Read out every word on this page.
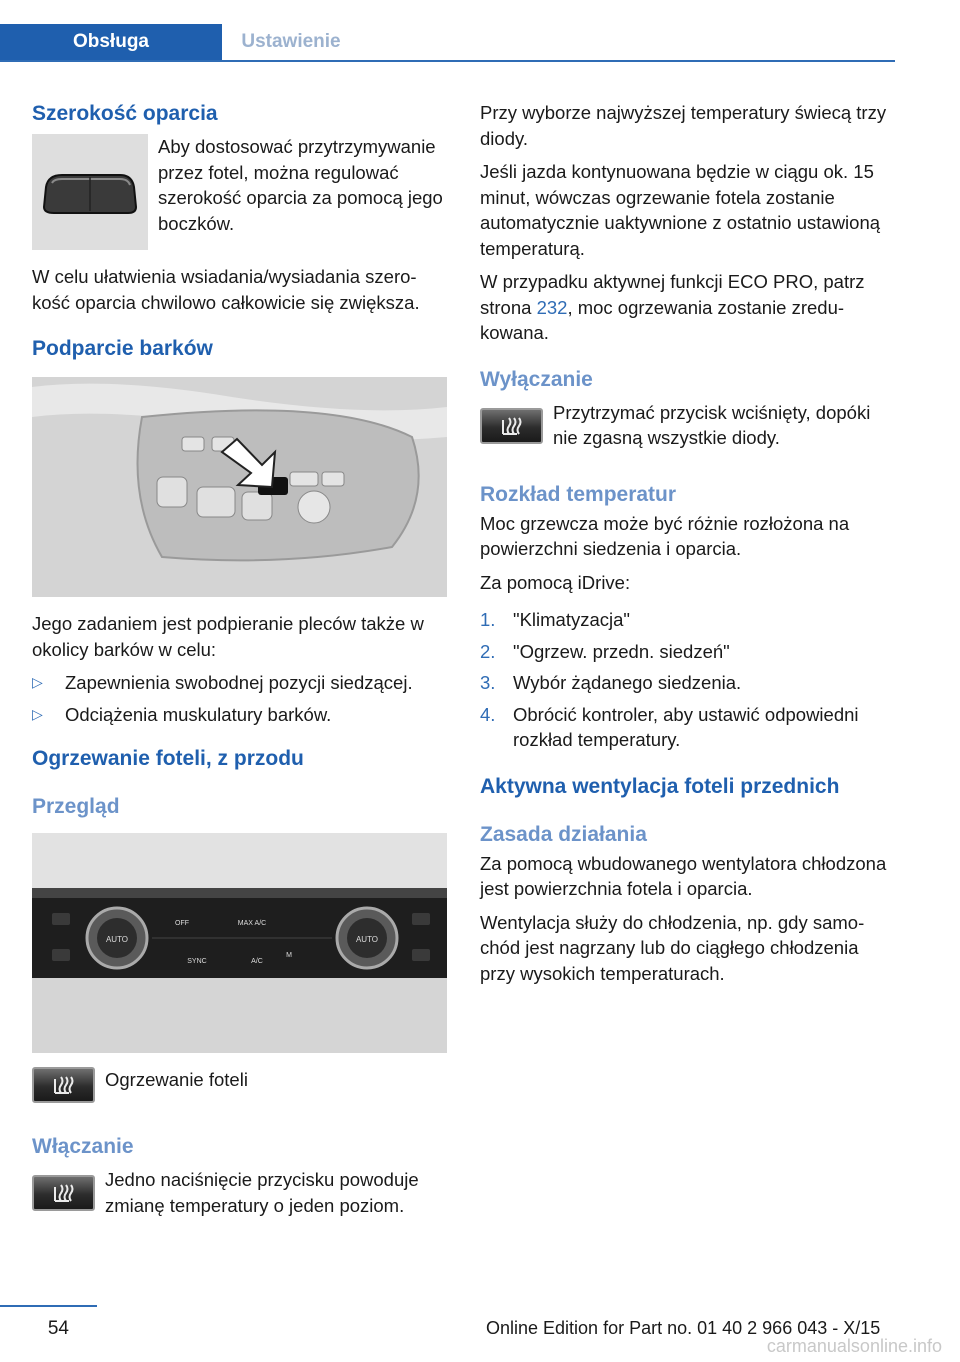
Obsługa	Ustawienie
Szerokość oparcia

Aby dostosować przytrzymywanie przez fotel, można regulować szerokość oparcia za pomocą jego boczków.

W celu ułatwienia wsiadania/wysiadania szerokość oparcia chwilowo całkowicie się zwiększa.

Podparcie barków

Jego zadaniem jest podpieranie pleców także w okolicy barków w celu:

▷ Zapewnienia swobodnej pozycji siedzącej.
▷ Odciążenia muskulatury barków.
Ogrzewanie foteli, z przodu
Przegląd
AUTO	AUTO
OFF	MAX A/C
SYNC	A/C
M

Ogrzewanie foteli

Włączanie

Jedno naciśnięcie przycisku powoduje zmianę temperatury o jeden poziom.

Przy wyborze najwyższej temperatury świecą trzy diody.

Jeśli jazda kontynuowana będzie w ciągu ok. 15 minut, wówczas ogrzewanie fotela zostanie automatycznie uaktywnione z ostatnio ustawioną temperaturą.

W przypadku aktywnej funkcji ECO PRO, patrz strona 232, moc ogrzewania zostanie zredukowana.

Wyłączanie

Przytrzymać przycisk wciśnięty, dopóki nie zgasną wszystkie diody.

Rozkład temperatur

Moc grzewcza może być różnie rozłożona na powierzchni siedzenia i oparcia.

Za pomocą iDrive:

1. "Klimatyzacja"
2. "Ogrzew. przedn. siedzeń"
3. Wybór żądanego siedzenia.
4. Obrócić kontroler, aby ustawić odpowiedni rozkład temperatury.
Aktywna wentylacja foteli przednich
Zasada działania

Za pomocą wbudowanego wentylatora chłodzona jest powierzchnia fotela i oparcia.

Wentylacja służy do chłodzenia, np. gdy samochód jest nagrzany lub do ciągłego chłodzenia przy wysokich temperaturach.

54	Online Edition for Part no. 01 40 2 966 043 - X/15
carmanualsonline.info
